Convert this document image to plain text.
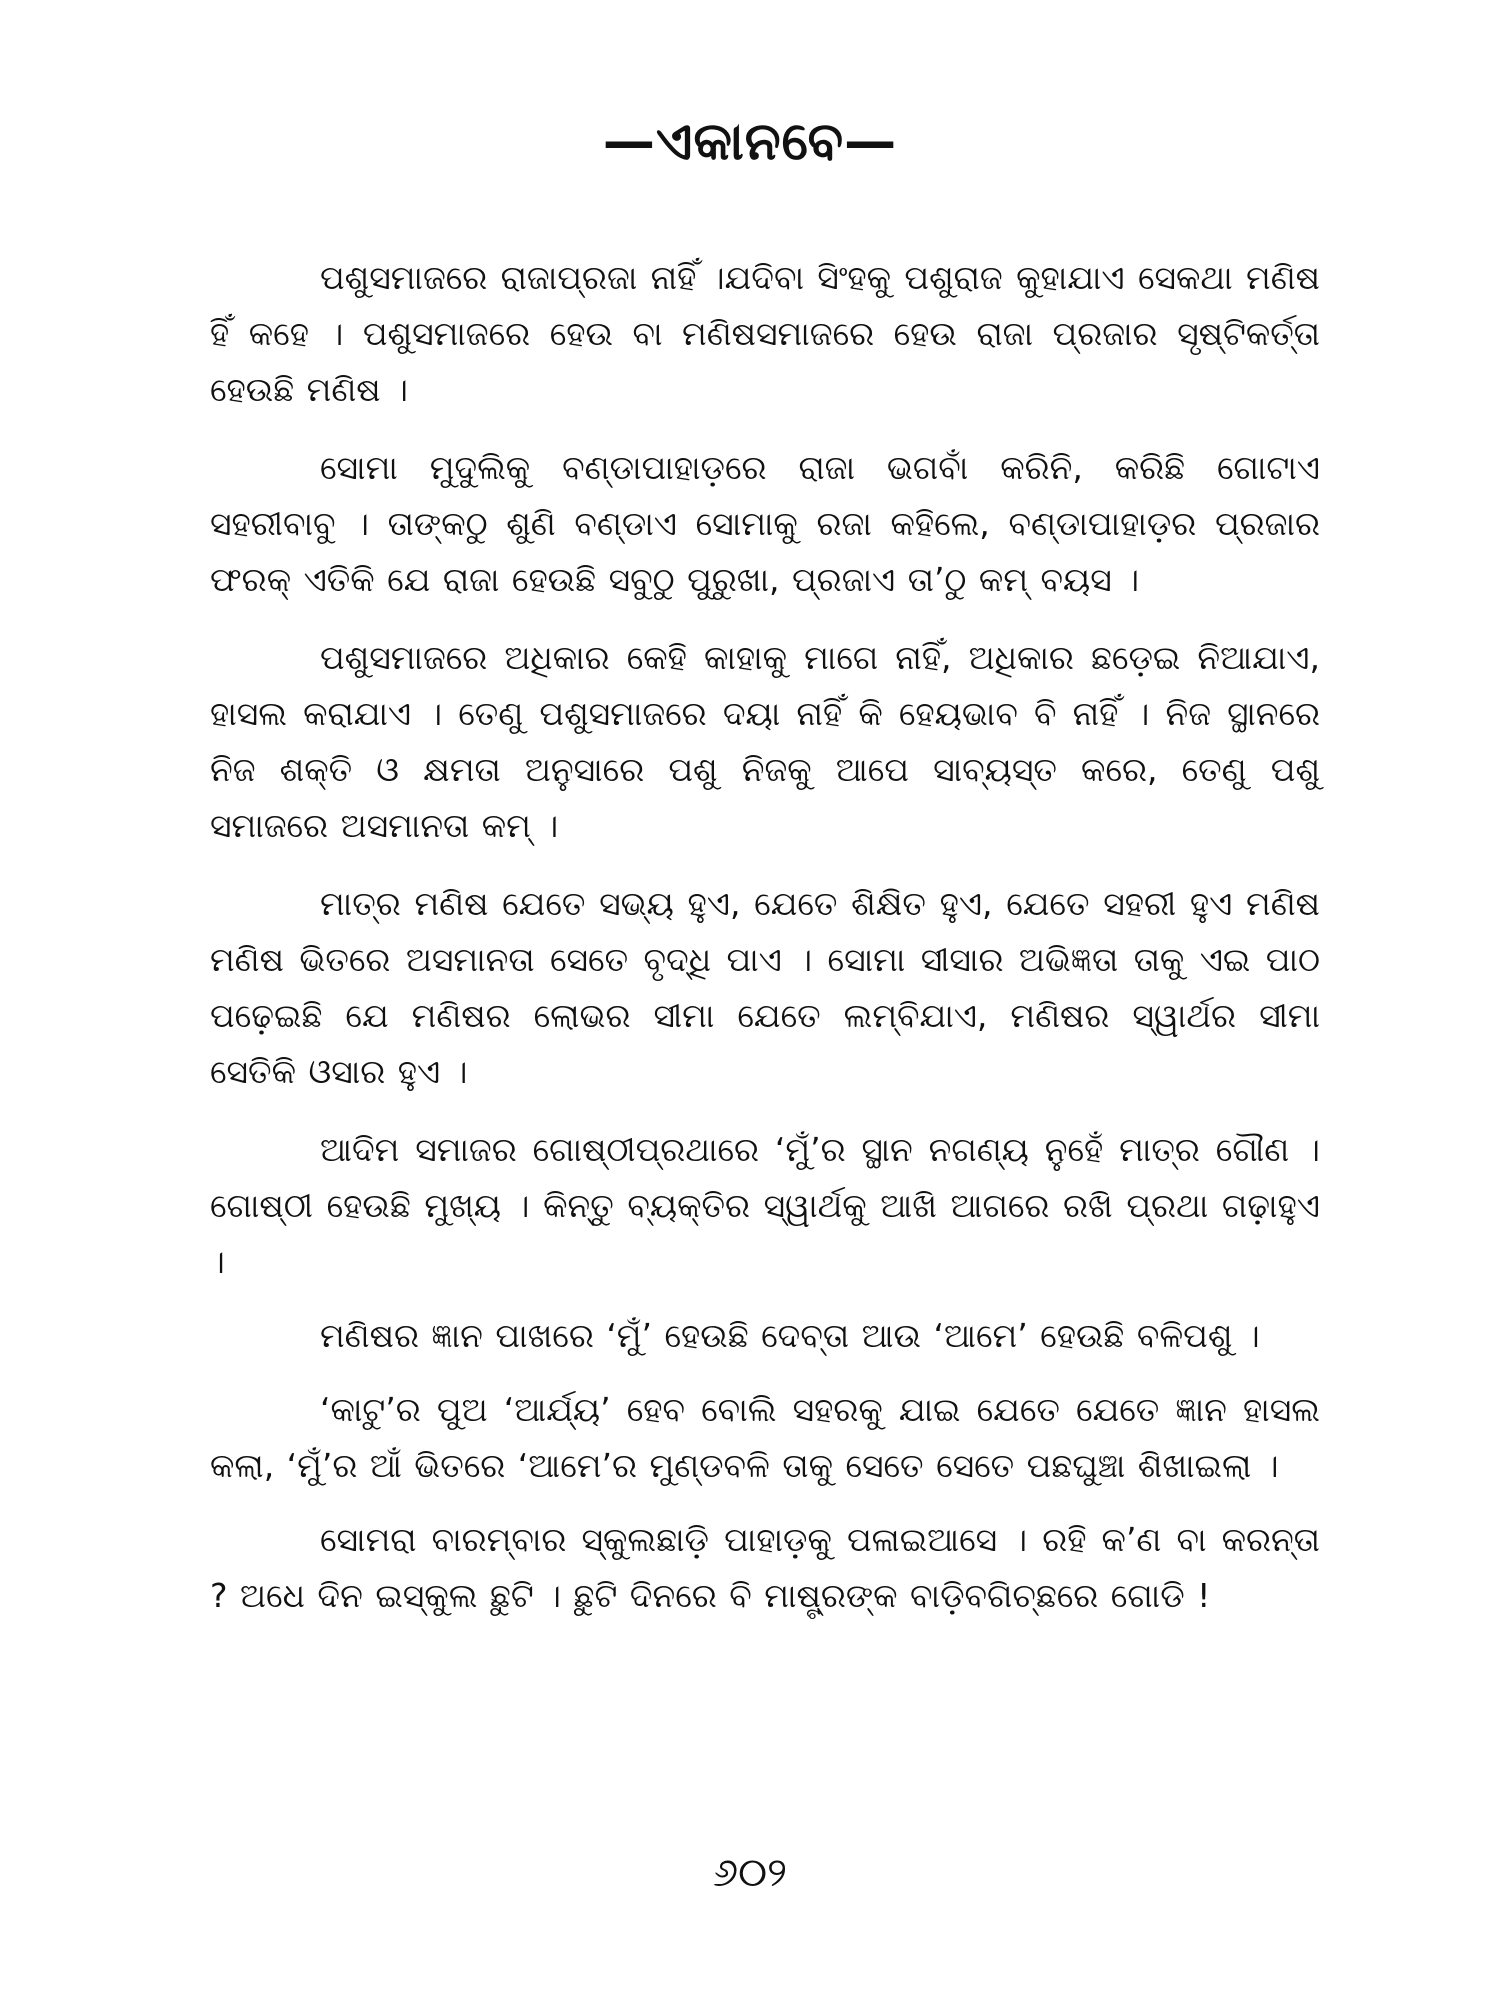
—ଏକାନବେ—

ପଶୁସମାଜରେ ରାଜାପ୍ରଜା ନାହିଁ ।ଯଦିବା ସିଂହକୁ ପଶୁରାଜ କୁହାଯାଏ ସେକଥା ମଣିଷ ହିଁ କହେ । ପଶୁସମାଜରେ ହେଉ ବା ମଣିଷସମାଜରେ ହେଉ ରାଜା ପ୍ରଜାର ସୃଷ୍ଟିକର୍ତ୍ତା ହେଉଛି ମଣିଷ ।

ସୋମା ମୁଦୁଲିକୁ ବଣ୍ଡାପାହାଡ଼ରେ ରାଜା ଭଗବାଁ କରିନି, କରିଛି ଗୋଟାଏ ସହରୀବାବୁ । ତାଙ୍କଠୁ ଶୁଣି ବଣ୍ଡାଏ ସୋମାକୁ ରଜା କହିଲେ, ବଣ୍ଡାପାହାଡ଼ର ପ୍ରଜାର ଫରକ୍ ଏତିକି ଯେ ରାଜା ହେଉଛି ସବୁଠୁ ପୁରୁଖା, ପ୍ରଜାଏ ତା’ଠୁ କମ୍ ବୟସ ।

ପଶୁସମାଜରେ ଅଧିକାର କେହି କାହାକୁ ମାଗେ ନାହିଁ, ଅଧିକାର ଛଡ଼େଇ ନିଆଯାଏ, ହାସଲ କରାଯାଏ । ତେଣୁ ପଶୁସମାଜରେ ଦୟା ନାହିଁ କି ହେୟଭାବ ବି ନାହିଁ । ନିଜ ସ୍ଥାନରେ ନିଜ ଶକ୍ତି ଓ କ୍ଷମତା ଅନୁସାରେ ପଶୁ ନିଜକୁ ଆପେ ସାବ୍ୟସ୍ତ କରେ, ତେଣୁ ପଶୁ ସମାଜରେ ଅସମାନତା କମ୍ ।

ମାତ୍ର ମଣିଷ ଯେତେ ସଭ୍ୟ ହୁଏ, ଯେତେ ଶିକ୍ଷିତ ହୁଏ, ଯେତେ ସହରୀ ହୁଏ ମଣିଷ ମଣିଷ ଭିତରେ ଅସମାନତା ସେତେ ବୃଦ୍ଧି ପାଏ । ସୋମା ସୀସାର ଅଭିଜ୍ଞତା ତାକୁ ଏଇ ପାଠ ପଢ଼େଇଛି ଯେ ମଣିଷର ଲୋଭର ସୀମା ଯେତେ ଲମ୍ବିଯାଏ, ମଣିଷର ସ୍ୱାର୍ଥର ସୀମା ସେତିକି ଓସାର ହୁଏ ।

ଆଦିମ ସମାଜର ଗୋଷ୍ଠୀପ୍ରଥାରେ ‘ମୁଁ’ର ସ୍ଥାନ ନଗଣ୍ୟ ନୁହେଁ ମାତ୍ର ଗୌଣ । ଗୋଷ୍ଠୀ ହେଉଛି ମୁଖ୍ୟ । କିନ୍ତୁ ବ୍ୟକ୍ତିର ସ୍ୱାର୍ଥକୁ ଆଖି ଆଗରେ ରଖି ପ୍ରଥା ଗଢ଼ାହୁଏ ।

ମଣିଷର ଜ୍ଞାନ ପାଖରେ ‘ମୁଁ’ ହେଉଛି ଦେବ୍‌ତା ଆଉ ‘ଆମେ’ ହେଉଛି ବଳିପଶୁ ।

‘କାଟୁ’ର ପୁଅ ‘ଆର୍ଯ୍ୟ’ ହେବ ବୋଲି ସହରକୁ ଯାଇ ଯେତେ ଯେତେ ଜ୍ଞାନ ହାସଲ କଲା, ‘ମୁଁ’ର ଆଁ ଭିତରେ ‘ଆମେ’ର ମୁଣ୍ଡବଳି ତାକୁ ସେତେ ସେତେ ପଛଘୁଞ୍ଚା ଶିଖାଇଲା ।

ସୋମରା ବାରମ୍ବାର ସ୍କୁଲଛାଡ଼ି ପାହାଡ଼କୁ ପଳାଇଆସେ । ରହି କ’ଣ ବା କରନ୍ତା ? ଅଧେ ଦିନ ଇସ୍‌କୁଲ ଛୁଟି । ଛୁଟି ଦିନରେ ବି ମାଷ୍ଟ୍ରଙ୍କ ବାଡ଼ିବଗିଚ୍ଛରେ ଗୋଡି !

୬୦୨
